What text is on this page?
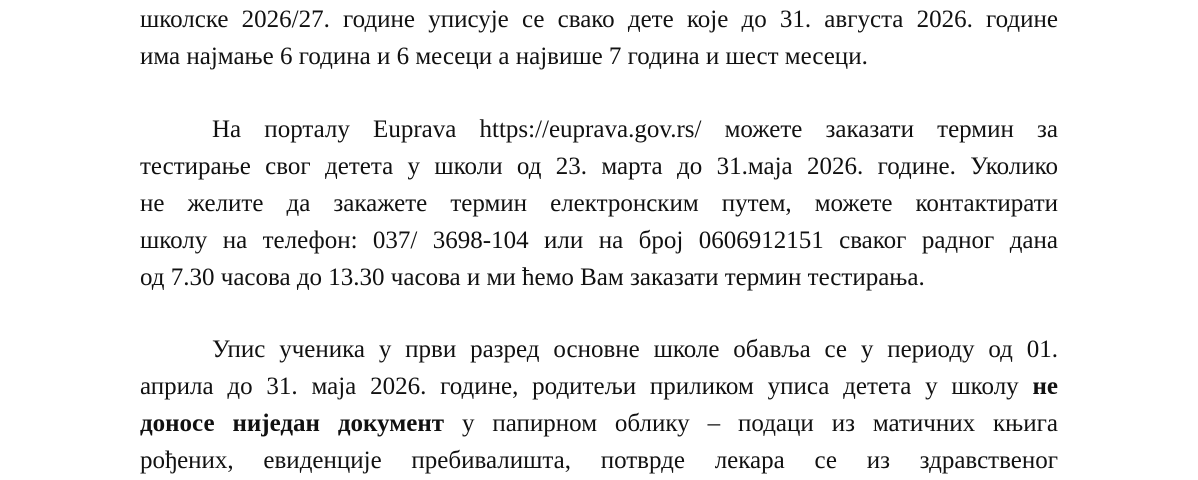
школске 2026/27. године уписује се свако дете које до 31. августа 2026. године
има најмање 6 година и 6 месеци а највише 7 година и шест месеци.
На порталу Еuprava https://euprava.gov.rs/ можете заказати термин за
тестирање свог детета у школи од 23. марта до 31.маја 2026. године. Уколико
не желите да закажете термин електронским путем, можете контактирати
школу на телефон: 037/ 3698-104 или на број 0606912151 сваког радног дана
од 7.30 часова до 13.30 часова и ми ћемо Вам заказати термин тестирања.
Упис ученика у први разред основне школе обавља се у периоду од 01.
априла до 31. маја 2026. године, родитељи приликом уписа детета у школу не
доносе ниједан документ у папирном облику – подаци из матичних књига
рођених, евиденције пребивалишта, потврде лекара се из здравственог
